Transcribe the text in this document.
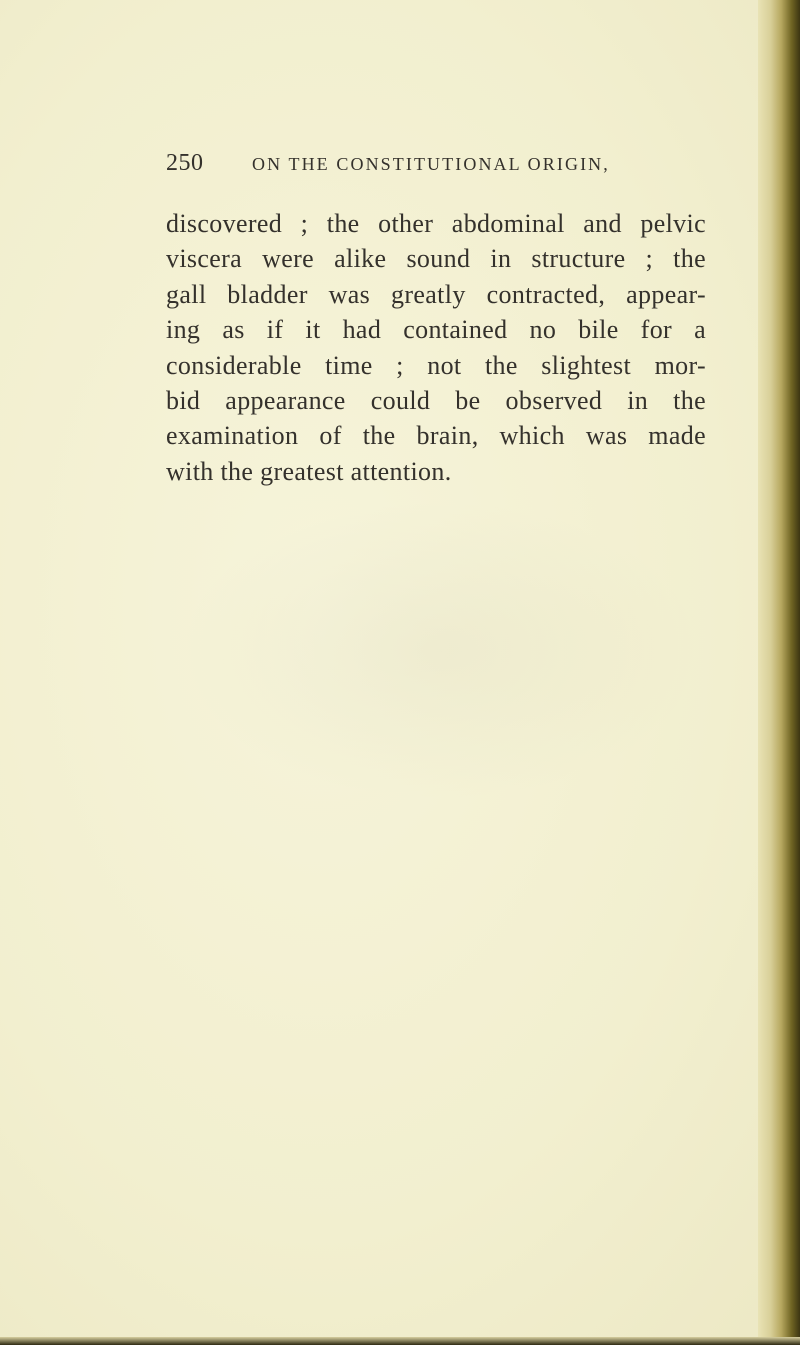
250	ON THE CONSTITUTIONAL ORIGIN,
discovered ; the other abdominal and pelvic
viscera were alike sound in structure ; the
gall bladder was greatly contracted, appear-
ing as if it had contained no bile for a
considerable time ; not the slightest mor-
bid appearance could be observed in the
examination of the brain, which was made
with the greatest attention.
